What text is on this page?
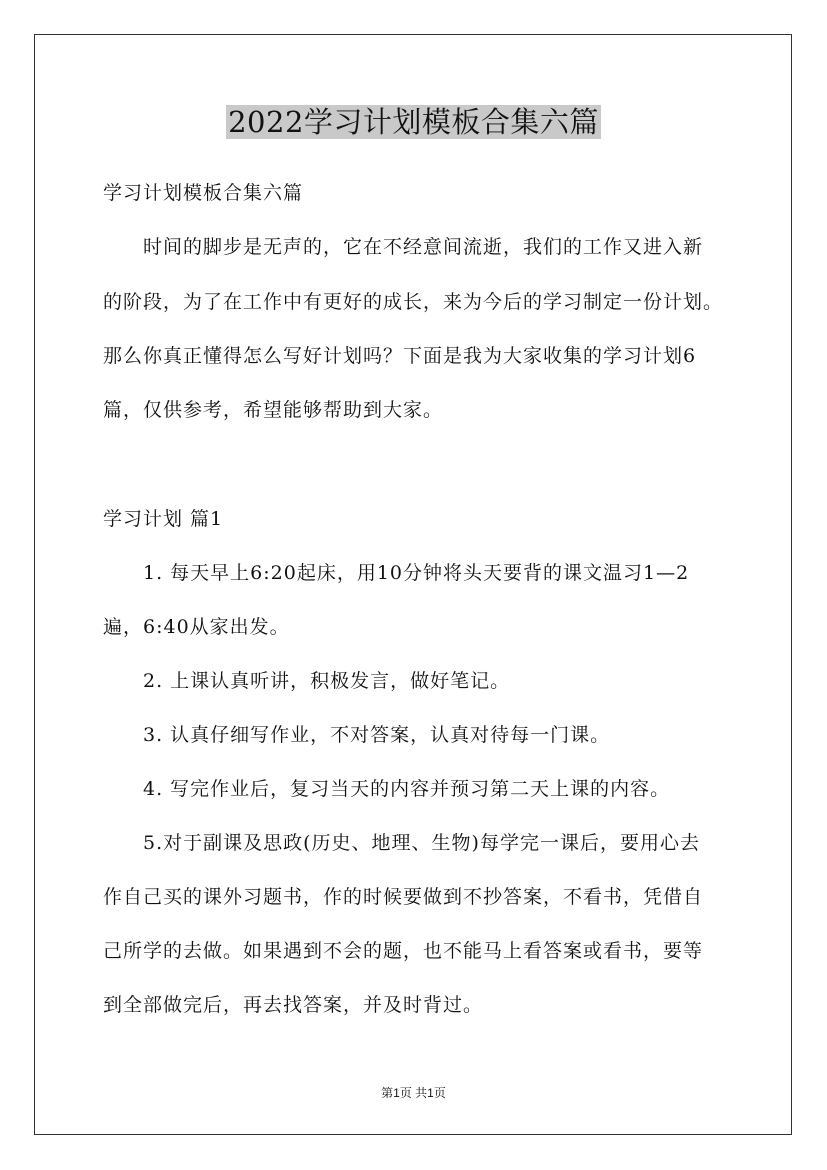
2022学习计划模板合集六篇
学习计划模板合集六篇
时间的脚步是无声的，它在不经意间流逝，我们的工作又进入新
的阶段，为了在工作中有更好的成长，来为今后的学习制定一份计划。
那么你真正懂得怎么写好计划吗？下面是我为大家收集的学习计划6
篇，仅供参考，希望能够帮助到大家。
学习计划 篇1
1. 每天早上6:20起床，用10分钟将头天要背的课文温习1—2
遍，6:40从家出发。
2. 上课认真听讲，积极发言，做好笔记。
3. 认真仔细写作业，不对答案，认真对待每一门课。
4. 写完作业后，复习当天的内容并预习第二天上课的内容。
5.对于副课及思政(历史、地理、生物)每学完一课后，要用心去
作自己买的课外习题书，作的时候要做到不抄答案，不看书，凭借自
己所学的去做。如果遇到不会的题，也不能马上看答案或看书，要等
到全部做完后，再去找答案，并及时背过。
第1页 共1页
